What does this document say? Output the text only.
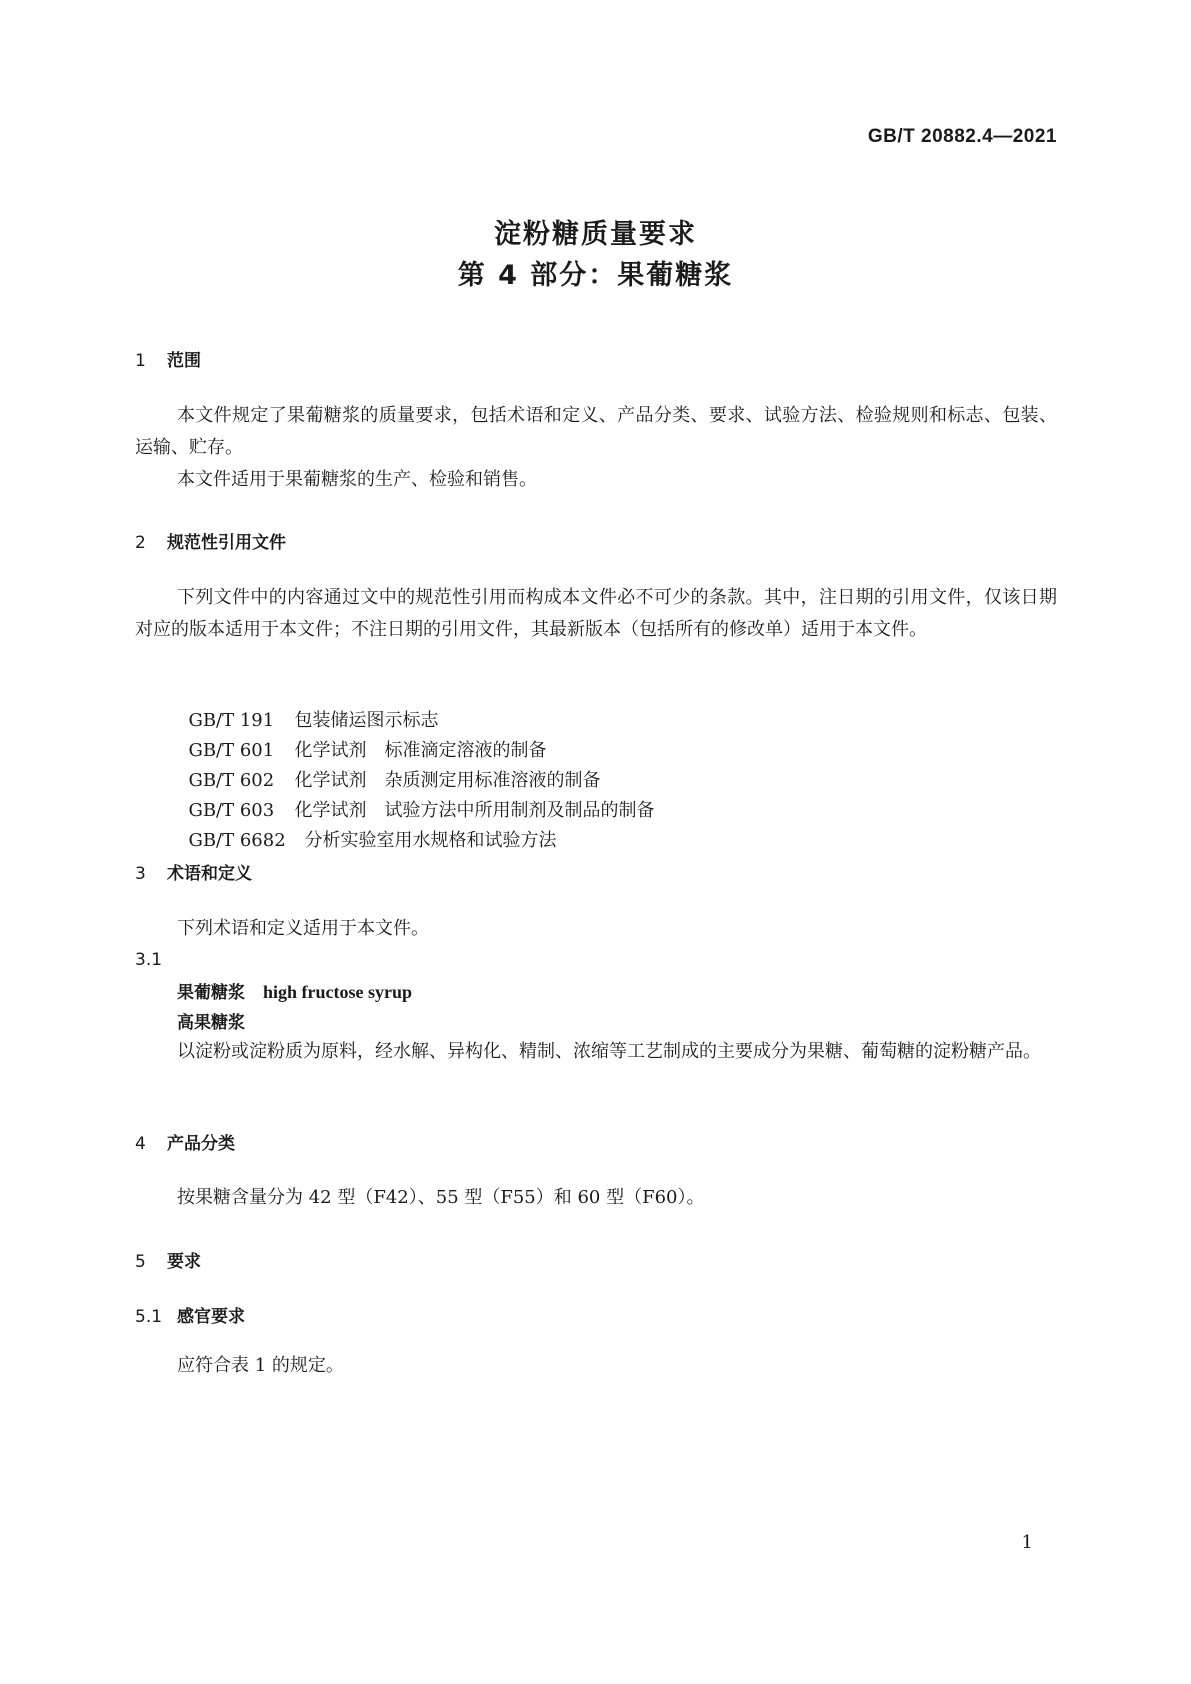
GB/T 20882.4—2021
淀粉糖质量要求
第 4 部分：果葡糖浆
1 范围
本文件规定了果葡糖浆的质量要求，包括术语和定义、产品分类、要求、试验方法、检验规则和标志、包装、运输、贮存。
本文件适用于果葡糖浆的生产、检验和销售。
2 规范性引用文件
下列文件中的内容通过文中的规范性引用而构成本文件必不可少的条款。其中，注日期的引用文件，仅该日期对应的版本适用于本文件；不注日期的引用文件，其最新版本（包括所有的修改单）适用于本文件。

GB/T 191 包装储运图示标志

GB/T 601 化学试剂　标准滴定溶液的制备

GB/T 602 化学试剂　杂质测定用标准溶液的制备

GB/T 603 化学试剂　试验方法中所用制剂及制品的制备

GB/T 6682 分析实验室用水规格和试验方法

3 术语和定义
下列术语和定义适用于本文件。
3.1
果葡糖浆 high fructose syrup
高果糖浆
以淀粉或淀粉质为原料，经水解、异构化、精制、浓缩等工艺制成的主要成分为果糖、葡萄糖的淀粉糖产品。
4 产品分类
按果糖含量分为 42 型（F42）、55 型（F55）和 60 型（F60）。
5 要求
5.1 感官要求
应符合表 1 的规定。
1
